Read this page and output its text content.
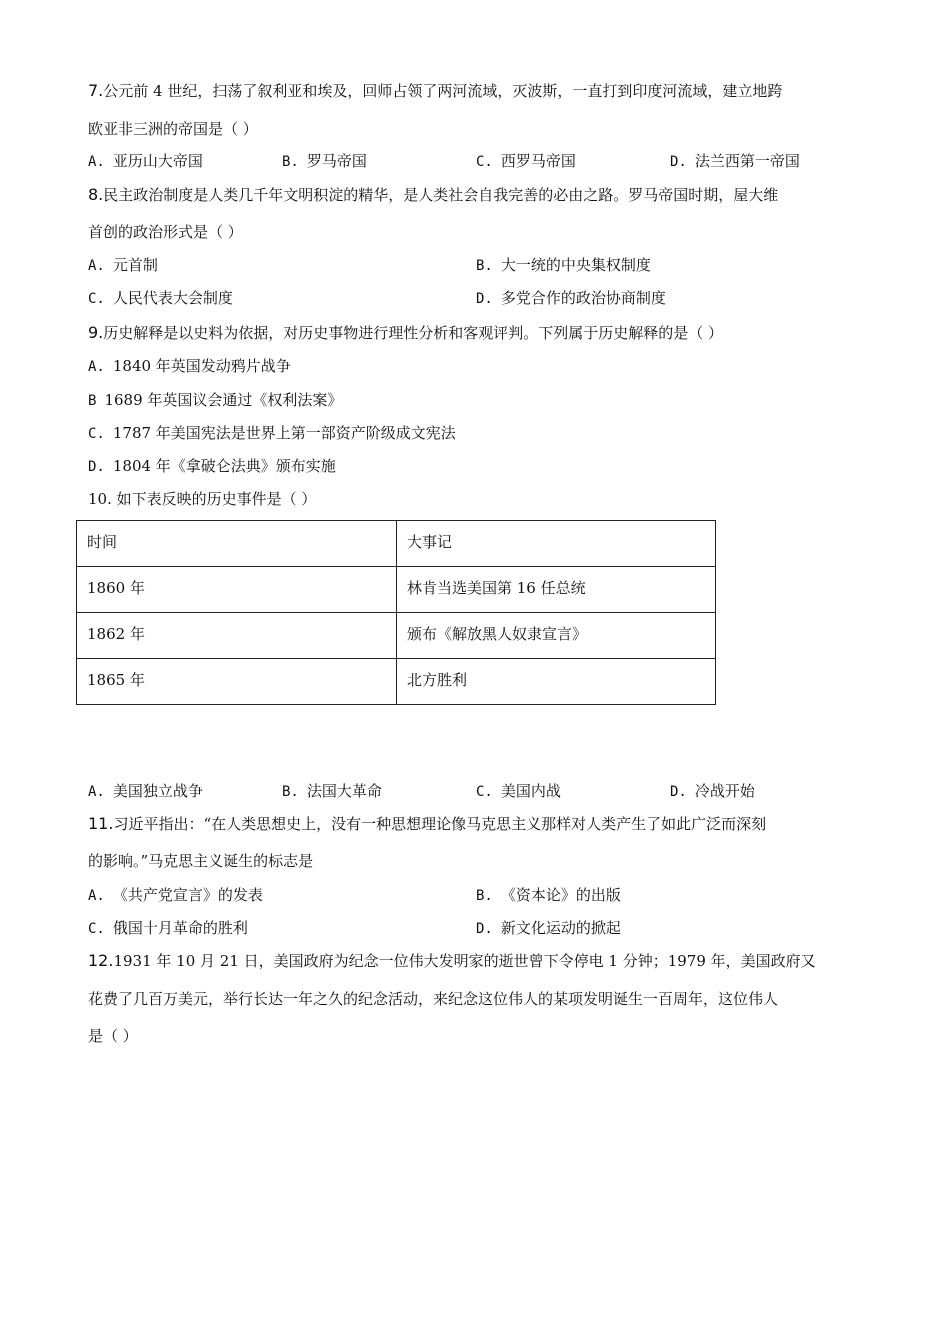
7.公元前 4 世纪，扫荡了叙利亚和埃及，回师占领了两河流域，灭波斯，一直打到印度河流域，建立地跨
欧亚非三洲的帝国是（ ）
A. 亚历山大帝国	B. 罗马帝国	C. 西罗马帝国	D. 法兰西第一帝国
8.民主政治制度是人类几千年文明积淀的精华，是人类社会自我完善的必由之路。罗马帝国时期，屋大维
首创的政治形式是（ ）
A. 元首制	B. 大一统的中央集权制度
C. 人民代表大会制度	D. 多党合作的政治协商制度
9.历史解释是以史料为依据，对历史事物进行理性分析和客观评判。下列属于历史解释的是（ ）
A. 1840 年英国发动鸦片战争
B 1689 年英国议会通过《权利法案》
C. 1787 年美国宪法是世界上第一部资产阶级成文宪法
D. 1804 年《拿破仑法典》颁布实施
10. 如下表反映的历史事件是（ ）
时间	大事记
1860 年	林肯当选美国第 16 任总统
1862 年	颁布《解放黑人奴隶宣言》
1865 年	北方胜利
A. 美国独立战争	B. 法国大革命	C. 美国内战	D. 冷战开始
11.习近平指出：“在人类思想史上，没有一种思想理论像马克思主义那样对人类产生了如此广泛而深刻
的影响。”马克思主义诞生的标志是
A. 《共产党宣言》的发表	B. 《资本论》的出版
C. 俄国十月革命的胜利	D. 新文化运动的掀起
12.1931 年 10 月 21 日，美国政府为纪念一位伟大发明家的逝世曾下令停电 1 分钟；1979 年，美国政府又
花费了几百万美元，举行长达一年之久的纪念活动，来纪念这位伟人的某项发明诞生一百周年，这位伟人
是（ ）
